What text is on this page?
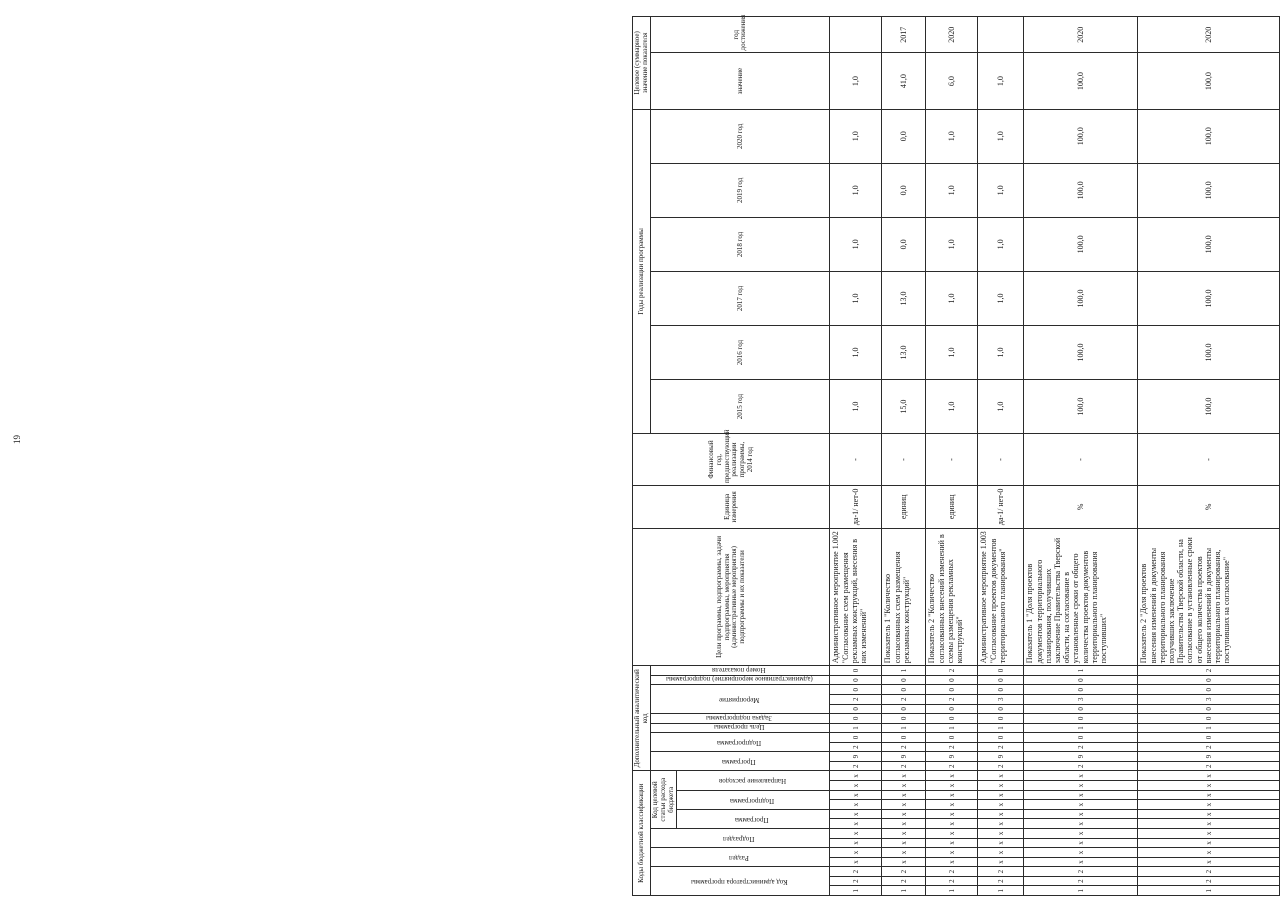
19
Коды бюджетной классификации													Дополнительный аналитический код											Цели программы, подпрограммы, задачи подпрограммы, мероприятия (административные мероприятия) подпрограммы и их показатели	Единица измерения	Финансовый год, предшествующий реализации программы, 2014 год	Годы реализации программы						Целевое (суммарное) значение показателя	
Код администратора программы			Раздел		Подраздел		Код целевой статьи расхода бюджета						Программа		Подпрограмма		Цель программы	Задача подпрограммы	Мероприятие			(административное мероприятие) подпрограммы	Номер показателя				2015 год	2016 год	2017 год	2018 год	2019 год	2020 год	значение	год достижения
							Программа		Подпрограмма		Направление расходов																							
1	2	2	х	х	х	х	х	х	х	х	х	х	2	9	2	0	1	0	0	2	0	0	0	Административное мероприятие 1.002 "Согласование схем размещения рекламных конструкций, внесения в них изменений"	да-1/ нет-0	-	1,0	1,0	1,0	1,0	1,0	1,0	1,0	
1	2	2	х	х	х	х	х	х	х	х	х	х	2	9	2	0	1	0	0	2	0	0	1	Показатель 1 "Количество согласованных схем размещения рекламных конструкций"	единиц	-	15,0	13,0	13,0	0,0	0,0	0,0	41,0	2017
1	2	2	х	х	х	х	х	х	х	х	х	х	2	9	2	0	1	0	0	2	0	0	2	Показатель 2 "Количество согласованных внесений изменений в схемы размещения рекламных конструкций"	единиц	-	1,0	1,0	1,0	1,0	1,0	1,0	6,0	2020
1	2	2	х	х	х	х	х	х	х	х	х	х	2	9	2	0	1	0	0	3	0	0	0	Административное мероприятие 1.003 "Согласование проектов документов территориального планирования"	да-1/ нет-0	-	1,0	1,0	1,0	1,0	1,0	1,0	1,0	
1	2	2	х	х	х	х	х	х	х	х	х	х	2	9	2	0	1	0	0	3	0	0	1	Показатель 1 "Доля проектов документов территориального планирования, получивших заключение Правительства Тверской области, на согласование в установленные сроки от общего количества проектов документов территориального планирования поступивших"	%	-	100,0	100,0	100,0	100,0	100,0	100,0	100,0	2020
1	2	2	х	х	х	х	х	х	х	х	х	х	2	9	2	0	1	0	0	3	0	0	2	Показатель 2 "Доля проектов внесения изменений в документы территориального планирования получивших заключение Правительства Тверской области, на согласование в установленные сроки от общего количества проектов внесения изменений в документы территориального планирования, поступивших на согласование"	%	-	100,0	100,0	100,0	100,0	100,0	100,0	100,0	2020
